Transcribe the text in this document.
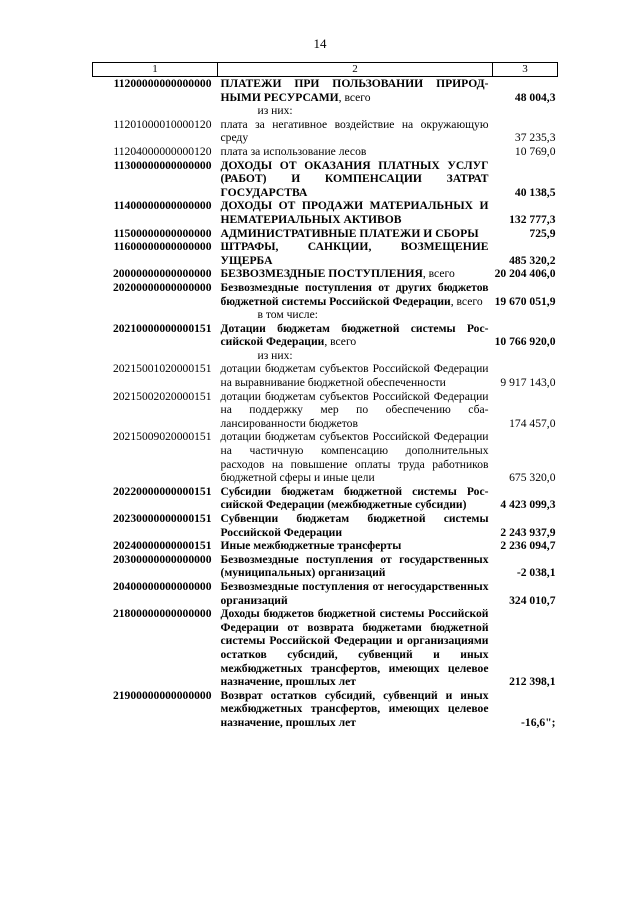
14
1	2	3
11200000000000000	ПЛАТЕЖИ ПРИ ПОЛЬЗОВАНИИ ПРИРОДНЫМИ РЕСУРСАМИ, всего	48 004,3
	из них:	
11201000010000120	плата за негативное воздействие на окружающую среду	37 235,3
11204000000000120	плата за использование лесов	10 769,0
11300000000000000	ДОХОДЫ ОТ ОКАЗАНИЯ ПЛАТНЫХ УСЛУГ (РАБОТ) И КОМПЕНСАЦИИ ЗАТРАТ ГОСУДАРСТВА	40 138,5
11400000000000000	ДОХОДЫ ОТ ПРОДАЖИ МАТЕРИАЛЬНЫХ И НЕМАТЕРИАЛЬНЫХ АКТИВОВ	132 777,3
11500000000000000	АДМИНИСТРАТИВНЫЕ ПЛАТЕЖИ И СБОРЫ	725,9
11600000000000000	ШТРАФЫ, САНКЦИИ, ВОЗМЕЩЕНИЕ УЩЕРБА	485 320,2
20000000000000000	БЕЗВОЗМЕЗДНЫЕ ПОСТУПЛЕНИЯ, всего	20 204 406,0
20200000000000000	Безвозмездные поступления от других бюджетов бюджетной системы Российской Федерации, всего	19 670 051,9
	в том числе:	
20210000000000151	Дотации бюджетам бюджетной системы Российской Федерации, всего	10 766 920,0
	из них:	
20215001020000151	дотации бюджетам субъектов Российской Федерации на выравнивание бюджетной обеспеченности	9 917 143,0
20215002020000151	дотации бюджетам субъектов Российской Федерации на поддержку мер по обеспечению сбалансированности бюджетов	174 457,0
20215009020000151	дотации бюджетам субъектов Российской Федерации на частичную компенсацию дополнительных расходов на повышение оплаты труда работников бюджетной сферы и иные цели	675 320,0
20220000000000151	Субсидии бюджетам бюджетной системы Российской Федерации (межбюджетные субсидии)	4 423 099,3
20230000000000151	Субвенции бюджетам бюджетной системы Российской Федерации	2 243 937,9
20240000000000151	Иные межбюджетные трансферты	2 236 094,7
20300000000000000	Безвозмездные поступления от государственных (муниципальных) организаций	-2 038,1
20400000000000000	Безвозмездные поступления от негосударственных организаций	324 010,7
21800000000000000	Доходы бюджетов бюджетной системы Российской Федерации от возврата бюджетами бюджетной системы Российской Федерации и организациями остатков субсидий, субвенций и иных межбюджетных трансфертов, имеющих целевое назначение, прошлых лет	212 398,1
21900000000000000	Возврат остатков субсидий, субвенций и иных межбюджетных трансфертов, имеющих целевое назначение, прошлых лет	-16,6";
